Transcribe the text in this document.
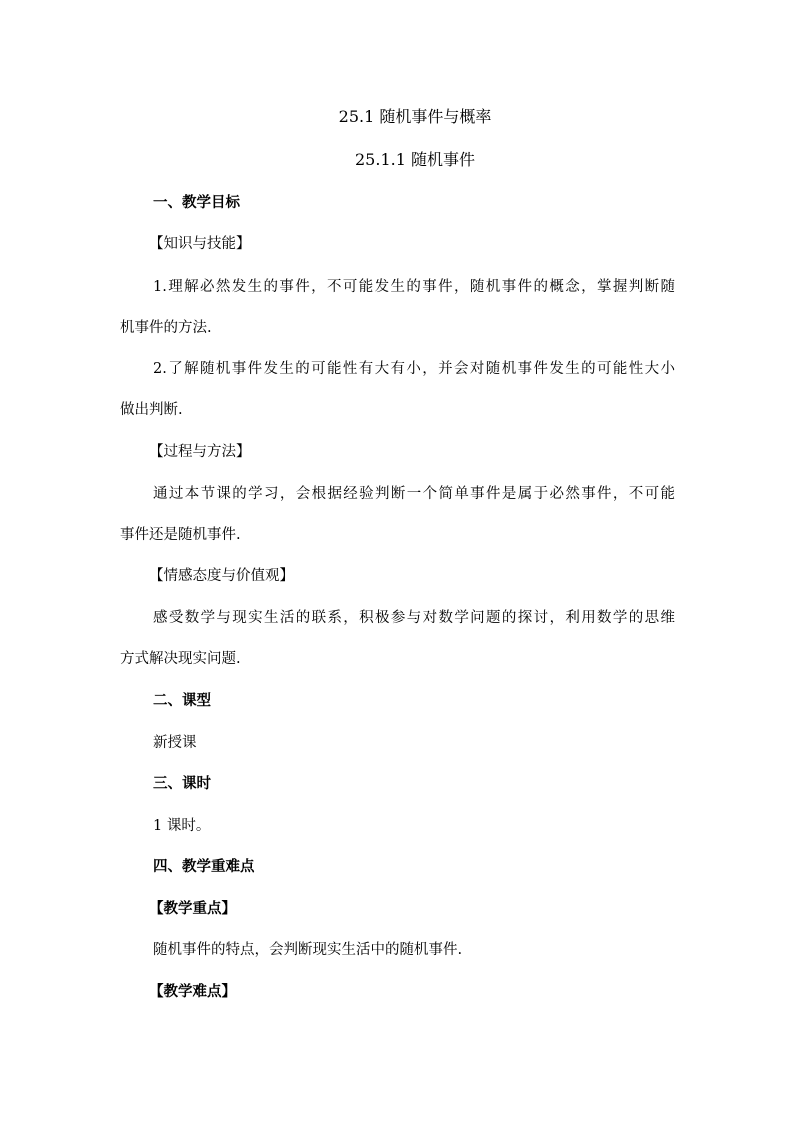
25.1 随机事件与概率
25.1.1 随机事件
一、教学目标
【知识与技能】
1.理解必然发生的事件，不可能发生的事件，随机事件的概念，掌握判断随
机事件的方法.
2.了解随机事件发生的可能性有大有小，并会对随机事件发生的可能性大小
做出判断.
【过程与方法】
通过本节课的学习，会根据经验判断一个简单事件是属于必然事件，不可能
事件还是随机事件.
【情感态度与价值观】
感受数学与现实生活的联系，积极参与对数学问题的探讨，利用数学的思维
方式解决现实问题.
二、课型
新授课
三、课时
1 课时。
四、教学重难点
【教学重点】
随机事件的特点，会判断现实生活中的随机事件.
【教学难点】
